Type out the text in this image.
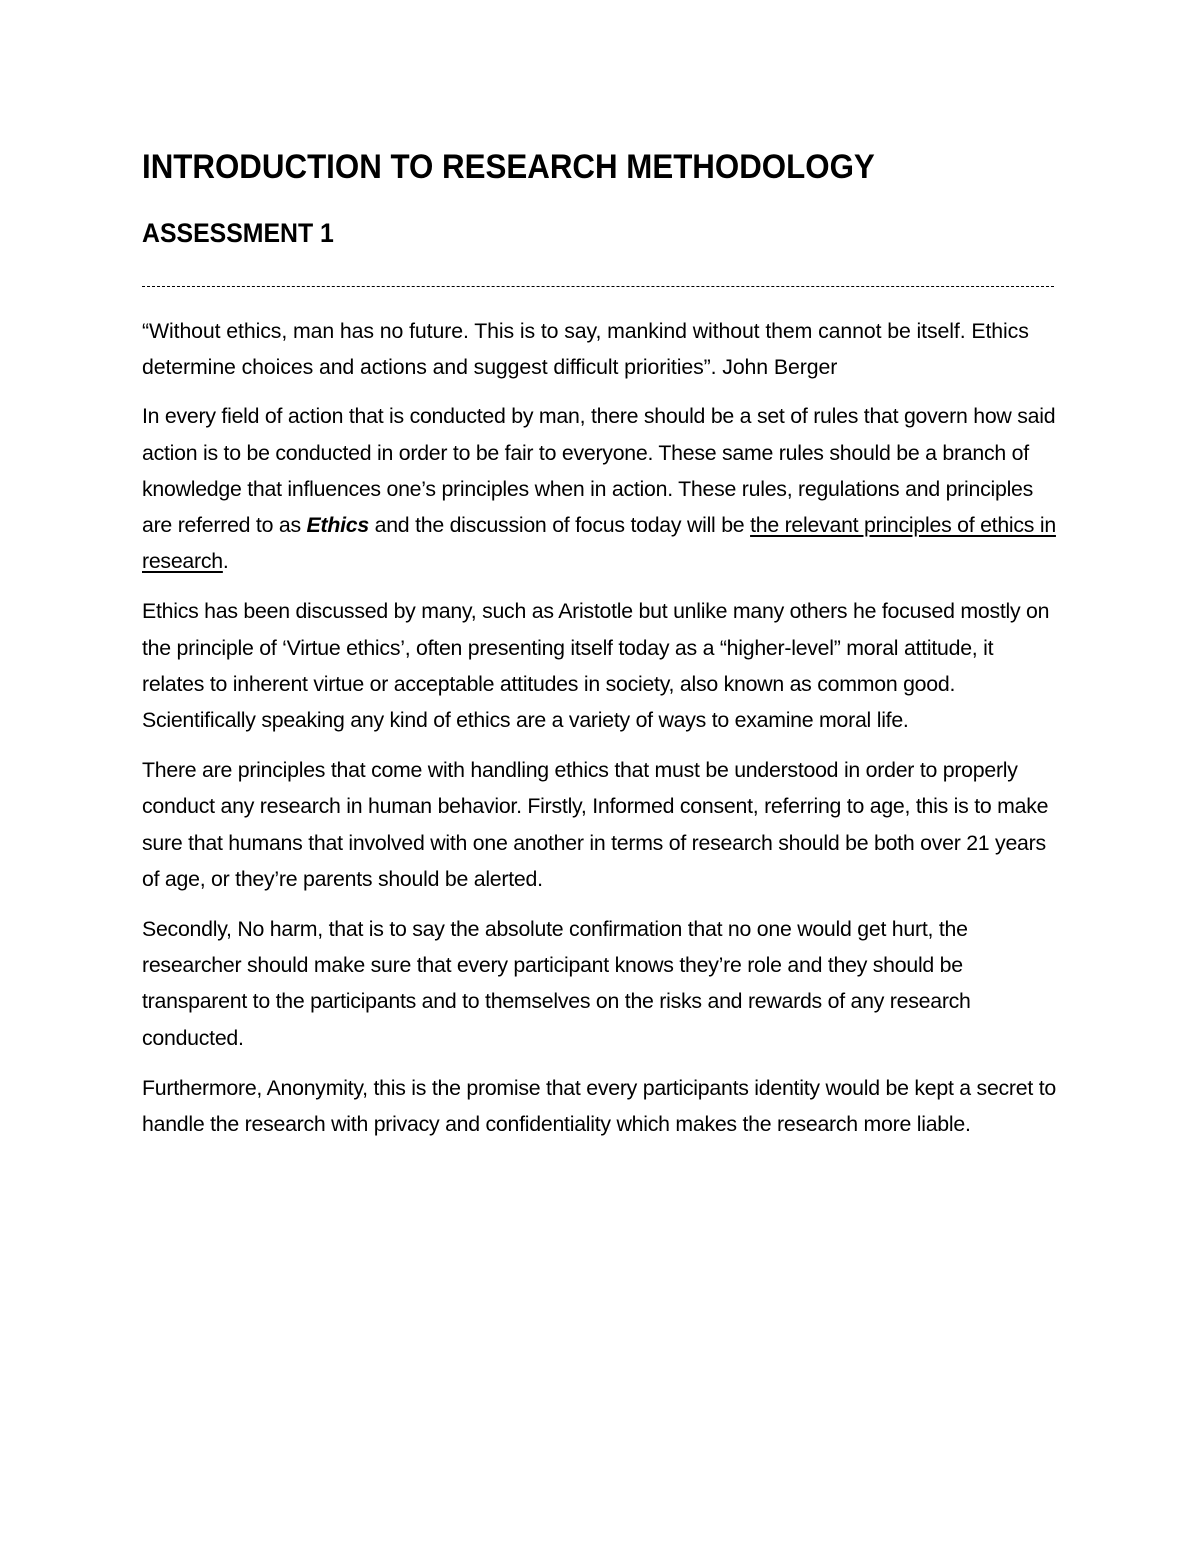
INTRODUCTION TO RESEARCH METHODOLOGY
ASSESSMENT 1

“Without ethics, man has no future. This is to say, mankind without them cannot be itself. Ethics determine choices and actions and suggest difficult priorities”. John Berger

In every field of action that is conducted by man, there should be a set of rules that govern how said action is to be conducted in order to be fair to everyone. These same rules should be a branch of knowledge that influences one’s principles when in action. These rules, regulations and principles are referred to as Ethics and the discussion of focus today will be the relevant principles of ethics in research.

Ethics has been discussed by many, such as Aristotle but unlike many others he focused mostly on the principle of ‘Virtue ethics’, often presenting itself today as a “higher-level” moral attitude, it relates to inherent virtue or acceptable attitudes in society, also known as common good. Scientifically speaking any kind of ethics are a variety of ways to examine moral life.

There are principles that come with handling ethics that must be understood in order to properly conduct any research in human behavior. Firstly, Informed consent, referring to age, this is to make sure that humans that involved with one another in terms of research should be both over 21 years of age, or they’re parents should be alerted.

Secondly, No harm, that is to say the absolute confirmation that no one would get hurt, the researcher should make sure that every participant knows they’re role and they should be transparent to the participants and to themselves on the risks and rewards of any research conducted.

Furthermore, Anonymity, this is the promise that every participants identity would be kept a secret to handle the research with privacy and confidentiality which makes the research more liable.
